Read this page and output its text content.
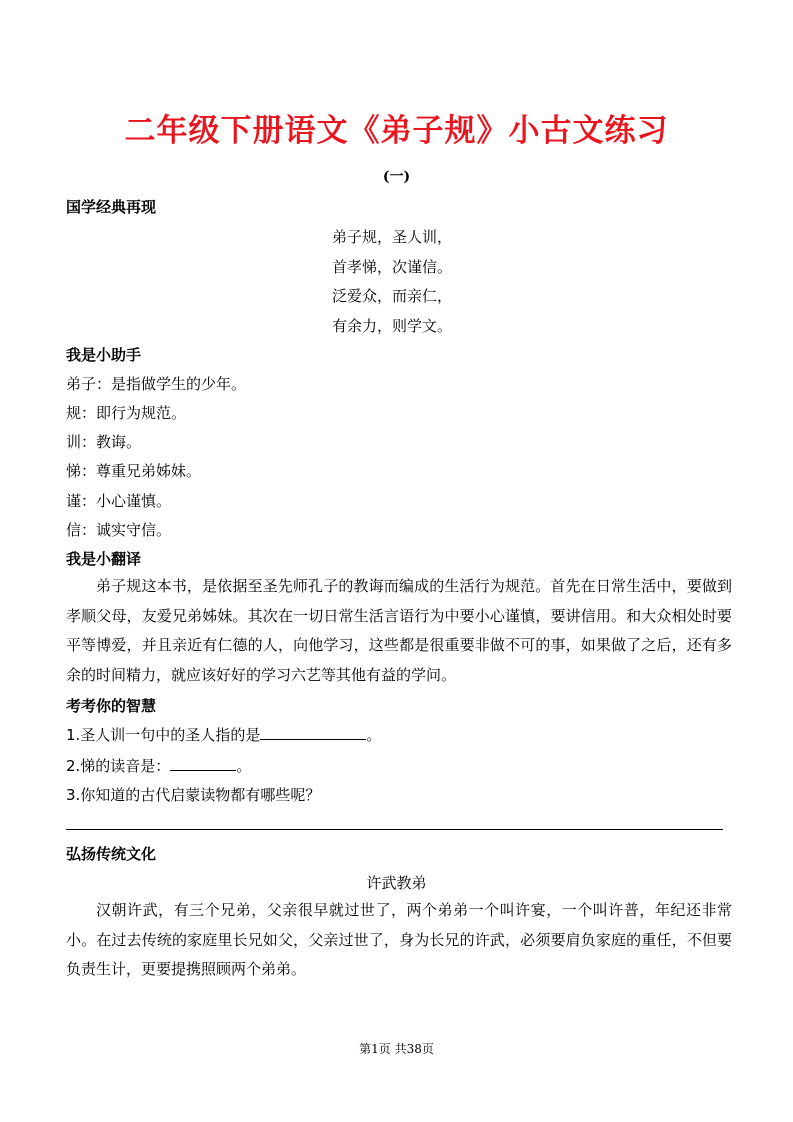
二年级下册语文《弟子规》小古文练习
(一)
国学经典再现
弟子规，圣人训，
首孝悌，次谨信。
泛爱众，而亲仁，
有余力，则学文。
我是小助手
弟子：是指做学生的少年。
规：即行为规范。
训：教诲。
悌：尊重兄弟姊妹。
谨：小心谨慎。
信：诚实守信。
我是小翻译
弟子规这本书，是依据至圣先师孔子的教诲而编成的生活行为规范。首先在日常生活中，要做到孝顺父母，友爱兄弟姊妹。其次在一切日常生活言语行为中要小心谨慎，要讲信用。和大众相处时要平等博爱，并且亲近有仁德的人，向他学习，这些都是很重要非做不可的事，如果做了之后，还有多余的时间精力，就应该好好的学习六艺等其他有益的学问。
考考你的智慧
1.圣人训一句中的圣人指的是	。
2.悌的读音是：	。
3.你知道的古代启蒙读物都有哪些呢？
弘扬传统文化
许武教弟
汉朝许武，有三个兄弟，父亲很早就过世了，两个弟弟一个叫许宴，一个叫许普，年纪还非常小。在过去传统的家庭里长兄如父，父亲过世了，身为长兄的许武，必须要肩负家庭的重任，不但要负责生计，更要提携照顾两个弟弟。
第1页 共38页
